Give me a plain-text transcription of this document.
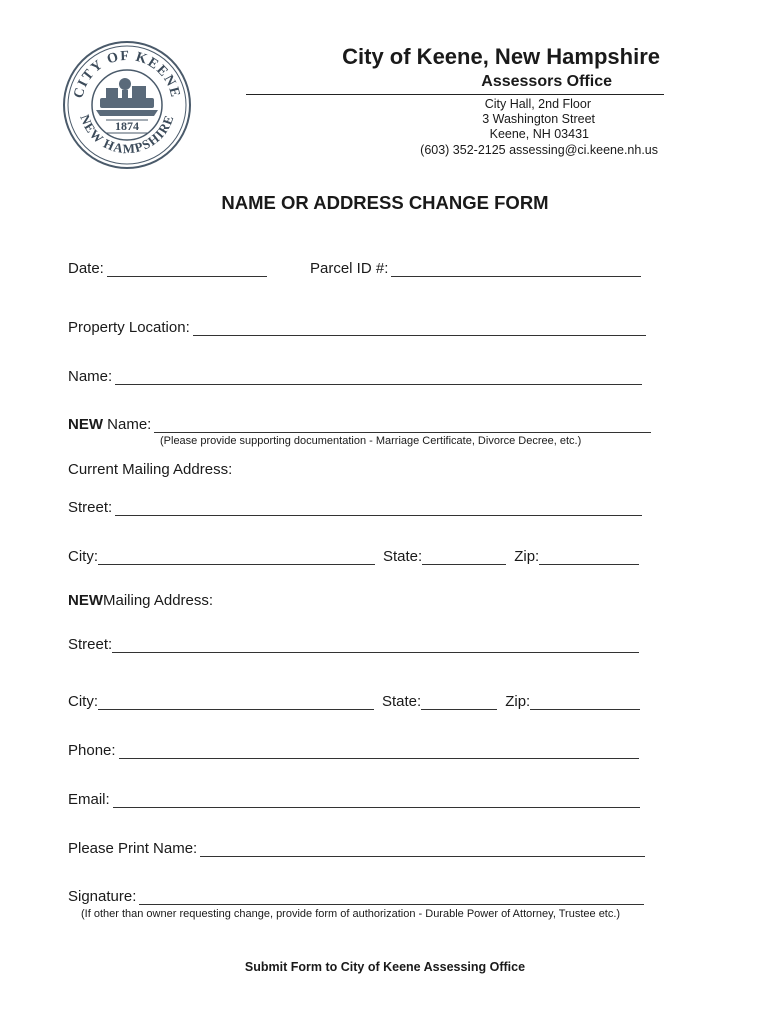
CITY OF KEENE
NEW HAMPSHIRE
1874
City of Keene, New Hampshire
Assessors Office
City Hall, 2nd Floor
3 Washington Street
Keene, NH 03431
(603) 352-2125 assessing@ci.keene.nh.us
NAME OR ADDRESS CHANGE FORM
Date:	Parcel ID #:
Property Location:
Name:
NEW Name:
(Please provide supporting documentation - Marriage Certificate, Divorce Decree, etc.)
Current Mailing Address:
Street:
City:	State:	Zip:
NEW Mailing Address:
Street:
City:	State:	Zip:
Phone:
Email:
Please Print Name:
Signature:
(If other than owner requesting change, provide form of authorization - Durable Power of Attorney, Trustee etc.)
Submit Form to City of Keene Assessing Office
